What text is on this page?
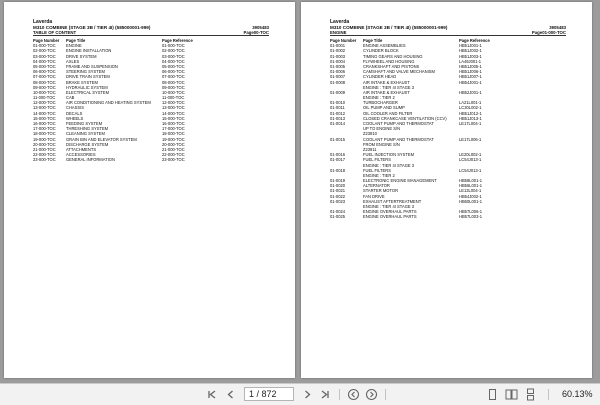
Laverda
M310 COMBINE (STAGE 3B / TIER 4I) (585000001-999)	3905483
TABLE OF CONTENT	Page00-TOC
Page Number Page Title	Page Reference
01-000-TOC	ENGINE	01-000-TOC
02-000-TOC	ENGINE INSTALLATION	02-000-TOC
03-000-TOC	DRIVE SYSTEM	03-000-TOC
04-000-TOC	AXLES	04-000-TOC
05-000-TOC	FRAME AND SUSPENSION	05-000-TOC
06-000-TOC	STEERING SYSTEM	06-000-TOC
07-000-TOC	DRIVE TRAIN SYSTEM	07-000-TOC
08-000-TOC	BRAKE SYSTEM	08-000-TOC
09-000-TOC	HYDRAULIC SYSTEM	09-000-TOC
10-000-TOC	ELECTRICAL SYSTEM	10-000-TOC
11-000-TOC	CAB	11-000-TOC
12-000-TOC	AIR CONDITIONING AND HEATING SYSTEM	12-000-TOC
13-000-TOC	CHASSIS	13-000-TOC
14-000-TOC	DECALS	14-000-TOC
15-000-TOC	WHEELS	15-000-TOC
16-000-TOC	FEEDING SYSTEM	16-000-TOC
17-000-TOC	THRESHING SYSTEM	17-000-TOC
18-000-TOC	CLEANING SYSTEM	18-000-TOC
19-000-TOC	GRAIN BIN AND ELEVATOR SYSTEM	19-000-TOC
20-000-TOC	DISCHARGE SYSTEM	20-000-TOC
21-000-TOC	ATTACHMENTS	21-000-TOC
22-000-TOC	ACCESSORIES	22-000-TOC
23-000-TOC	GENERAL INFORMATION	23-000-TOC
Laverda
M310 COMBINE (STAGE 3B / TIER 4I) (585000001-999)	3905483
ENGINE	Page01-000-TOC
Page Number Page Title	Page Reference
01-0001	ENGINE ASSEMBLIES	HB51J001-1
01-0002	CYLINDER BLOCK	HB51J002-1
01-0003	TIMING GEARS AND HOUSING	HB51J003-1
01-0004	FLYWHEEL AND HOUSING	LA49J001-1
01-0005	CRANKSHAFT AND PISTONS	HB51J005-1
01-0006	CAMSHAFT AND VALVE MECHANISM	HB51J006-1
01-0007	CYLINDER HEAD	HB51J007-1
01-0008	AIR INTAKE & EXHAUST	HB54J001-1
ENGINE : TIER 4I STAGE 3
01-0009	AIR INTAKE & EXHAUST	HB52J001-1
ENGINE : TIER 2
01-0010	TURBOCHARGER	LA21L001-1
01-0011	OIL PUMP AND SUMP	LC30L002-1
01-0012	OIL COOLER AND FILTER	HB51J012-1
01-0013	CLOSED CRANKCASE VENTILATION (CCV)	HB51J013-1
01-0014	COOLANT PUMP AND THERMOSTAT	LE17L004-1
UP TO ENGINE S/N
Z23910
01-0015	COOLANT PUMP AND THERMOSTAT	LE17L006-1
FROM ENGINE S/N
Z23911
01-0016	FUEL INJECTION SYSTEM	LE20L002-1
01-0017	FUEL FILTERS	LC54J013-1
ENGINE : TIER 4I STAGE 3
01-0018	FUEL FILTERS	LC54J013-1
ENGINE : TIER 2
01-0019	ELECTRONIC ENGINE MANAGEMENT	HB58L001-1
01-0020	ALTERNATOR	HB56L001-1
01-0021	STARTER MOTOR	LE13L004-1
01-0022	FAN DRIVE	HB54J002-1
01-0023	EXHAUST AFTERTREATMENT	HB60L001-1
ENGINE : TIER 4I STAGE 3
01-0024	ENGINE OVERHAUL PARTS	HB57L006-1
01-0025	ENGINE OVERHAUL PARTS	HB57L003-1
1 / 872
60.13%
